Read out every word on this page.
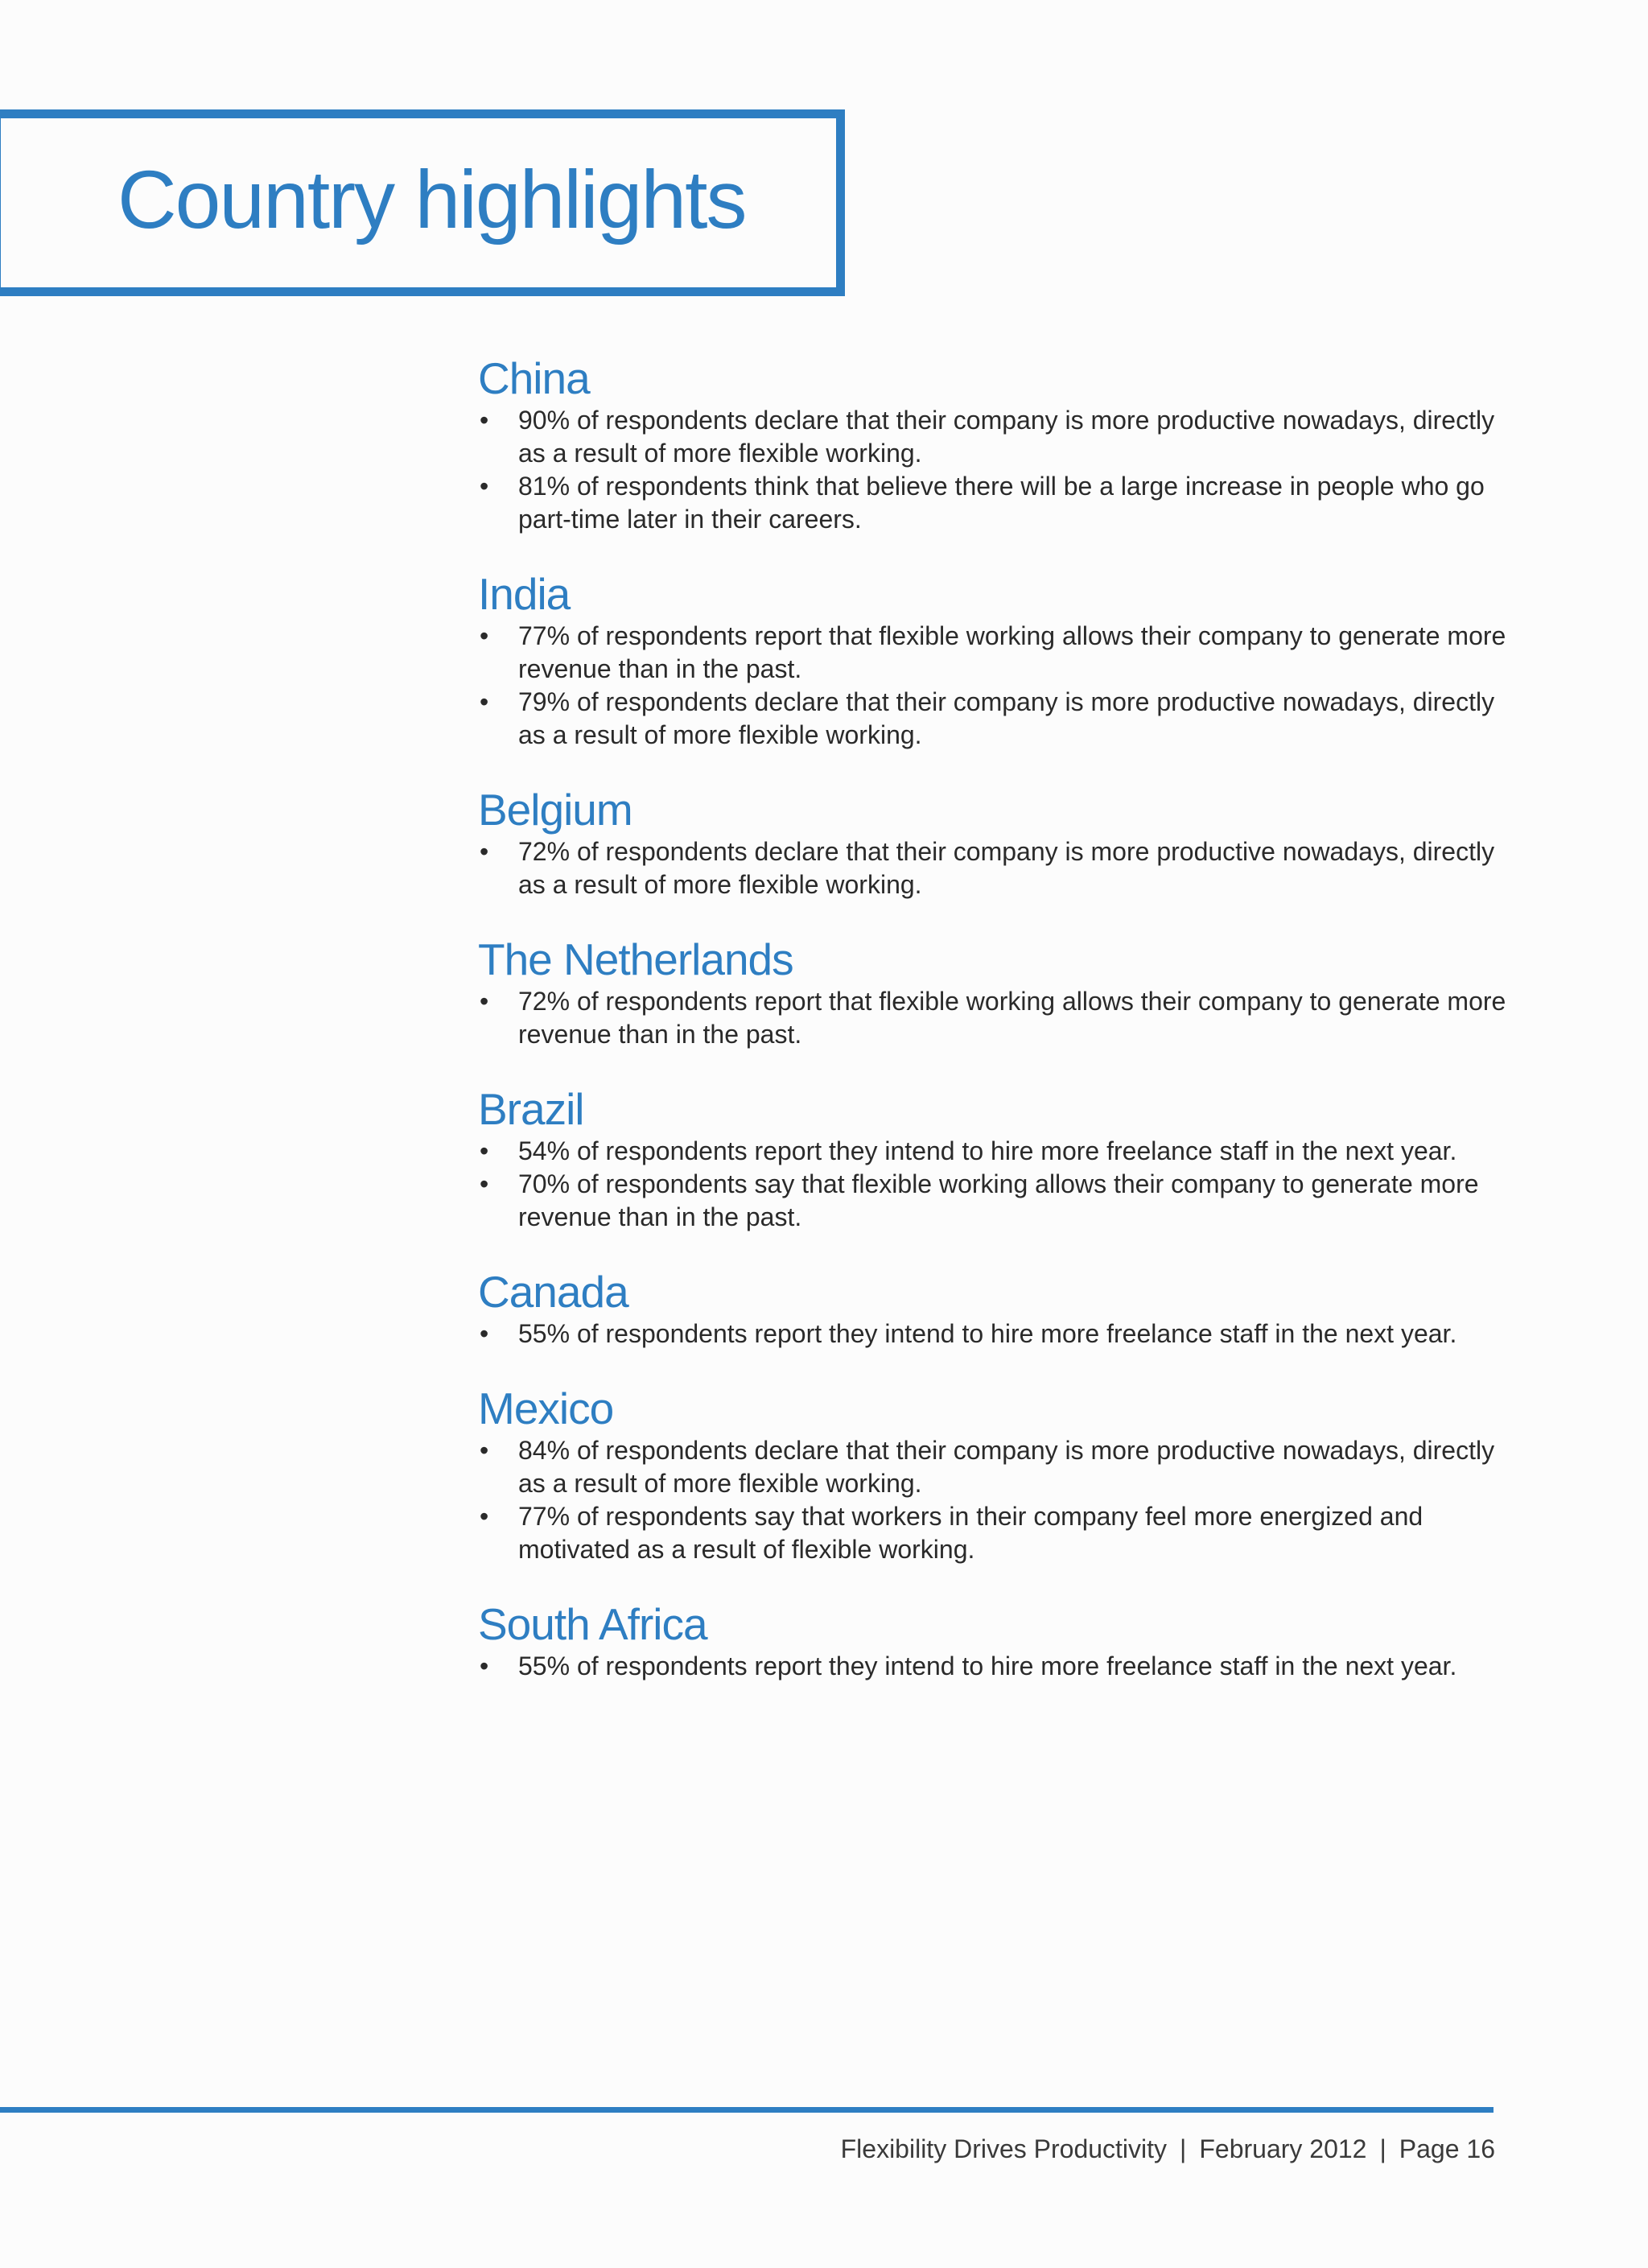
Country highlights
China
• 90% of respondents declare that their company is more productive nowadays, directly as a result of more flexible working.
• 81% of respondents think that believe there will be a large increase in people who go part-time later in their careers.
India
• 77% of respondents report that flexible working allows their company to generate more revenue than in the past.
• 79% of respondents declare that their company is more productive nowadays, directly as a result of more flexible working.
Belgium
• 72% of respondents declare that their company is more productive nowadays, directly as a result of more flexible working.
The Netherlands
• 72% of respondents report that flexible working allows their company to generate more revenue than in the past.
Brazil
• 54% of respondents report they intend to hire more freelance staff in the next year.
• 70% of respondents say that flexible working allows their company to generate more revenue than in the past.
Canada
• 55% of respondents report they intend to hire more freelance staff in the next year.
Mexico
• 84% of respondents declare that their company is more productive nowadays, directly as a result of more flexible working.
• 77% of respondents say that workers in their company feel more energized and motivated as a result of flexible working.
South Africa
• 55% of respondents report they intend to hire more freelance staff in the next year.
Flexibility Drives Productivity | February 2012 | Page 16
